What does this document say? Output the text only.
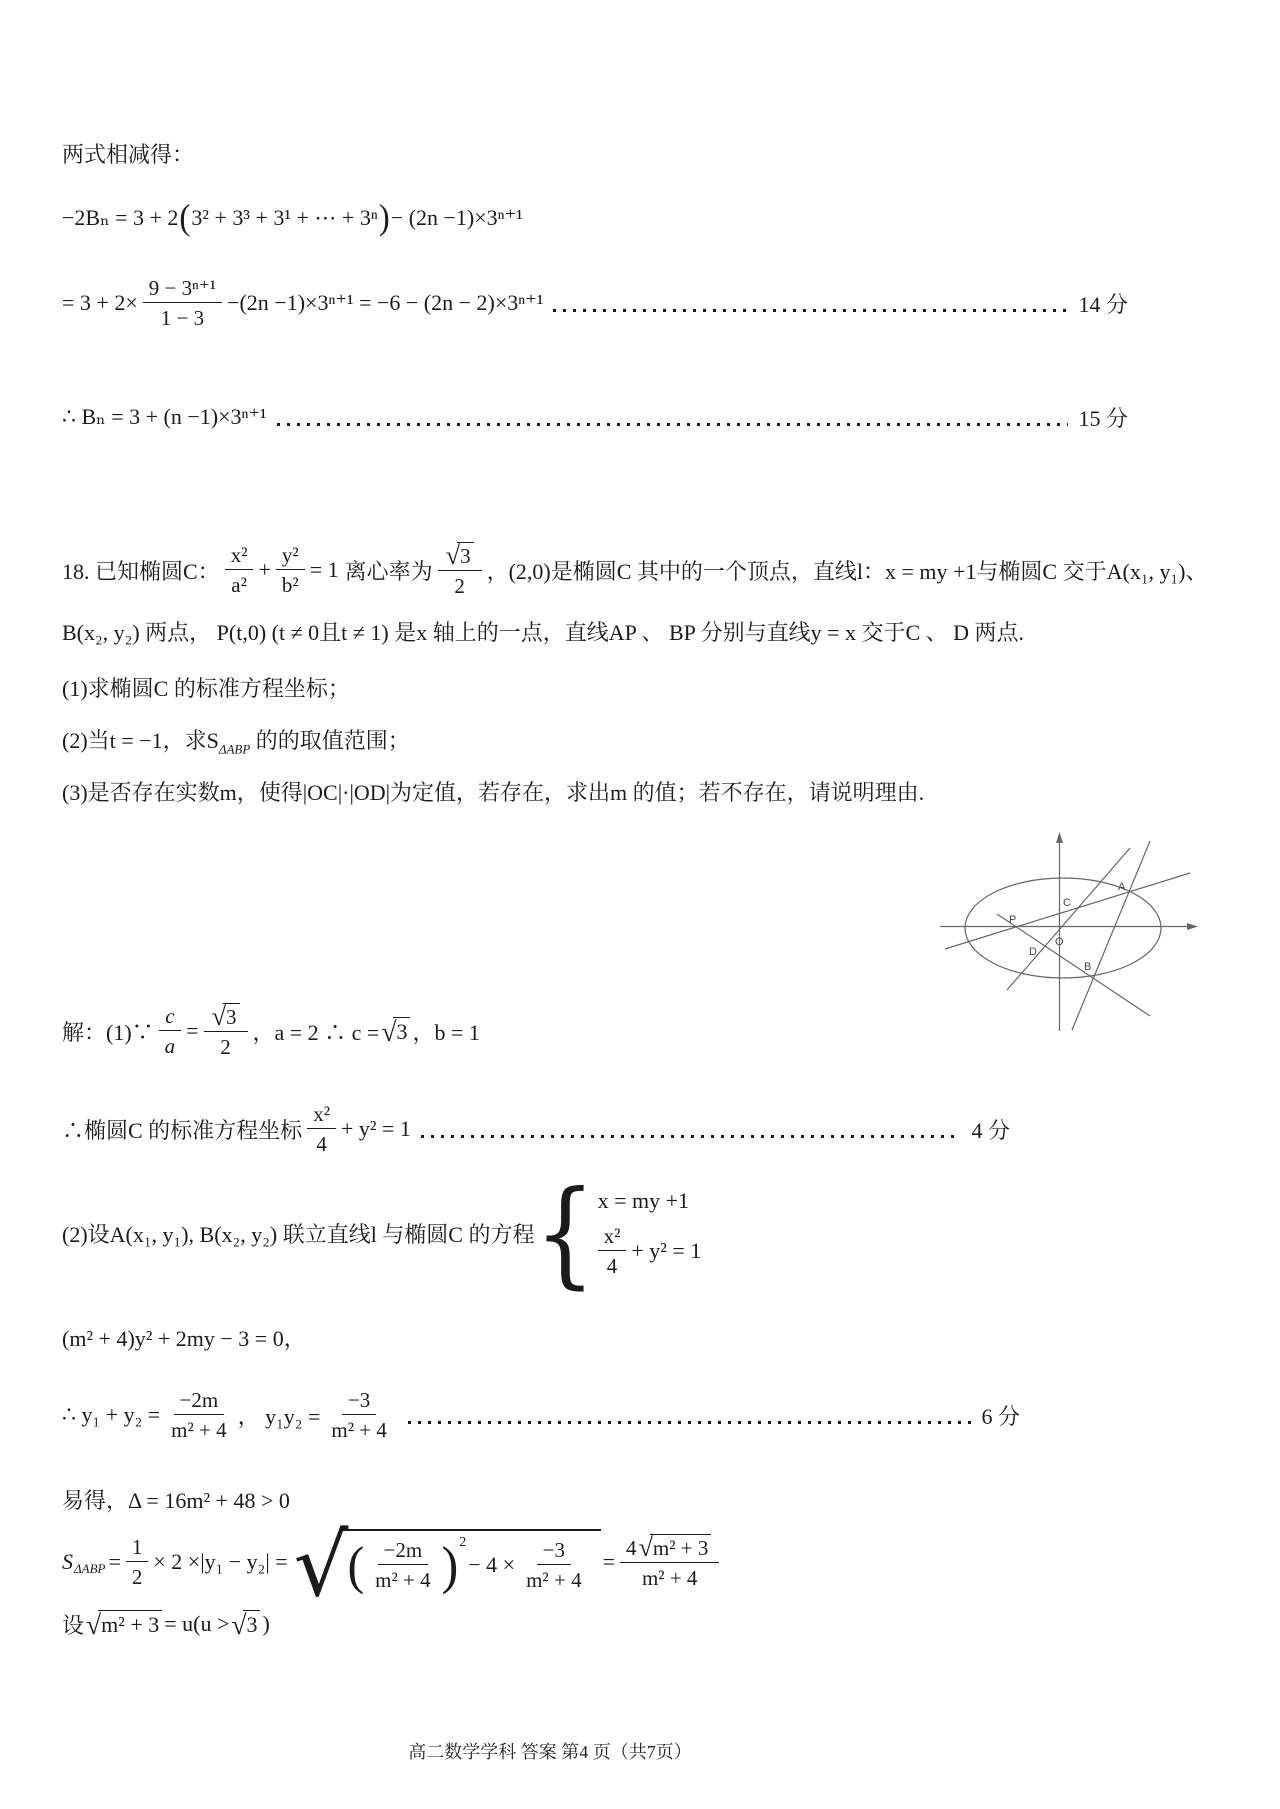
两式相减得：
−2Bₙ = 3 + 2 ( 3² + 3³ + 3¹ + ⋯ + 3ⁿ ) − (2n −1)×3ⁿ⁺¹
= $3 + 2\times \frac{\text{9 − 3ⁿ⁺¹}}{1 - 3} -(2n -1)\times 3^{n+1} = -6 - (2n - 2)\times 3^{n+1}$	14 分
∴ Bₙ = 3 + (n −1)×3ⁿ⁺¹	15 分
18. 已知椭圆C： $\frac{\text{x²}}{\text{a²}} + \frac{\text{y²}}{\text{b²}} = 1$ 离心率为 $\frac{√ 3}{2}$ ，(2,0)是椭圆C 其中的一个顶点，直线l：x = my +1与椭圆C 交于A(x₁, y₁)、
B(x₂, y₂) 两点， P(t,0) (t ≠ 0且t ≠ 1) 是x 轴上的一点，直线AP 、 BP 分别与直线y = x 交于C 、 D 两点.
(1)求椭圆C 的标准方程坐标；
(2)当t = −1，求$S_{\Delta ABP}$ 的的取值范围；
(3)是否存在实数m，使得|OC|·|OD|为定值，若存在，求出m 的值；若不存在，请说明理由.
A
B
C
O
D
P
解：(1)∵ $\frac{c}{a} = \frac{√ 3}{2}$ ，a = 2 ∴ c = √ 3 ，b = 1
∴椭圆C 的标准方程坐标 $\frac{\text{x²}}{4} + y^2 = 1$	4 分
(2)设A(x₁, y₁), B(x₂, y₂) 联立直线l 与椭圆C 的方程 { x = my +1
$\frac{\text{x²}}{4} + y^2 = 1$
(m² + 4)y² + 2my − 3 = 0，
∴ $y_1 + y_2 = \frac{-2m}{\text{m² + 4}}$ ， $y_1y_2 = \frac{-3}{\text{m² + 4}}$	6 分
易得，Δ = 16m² + 48 > 0
S $\Delta ABP = \frac{1}{2} \times 2 \times|y_1 - y_2|$ = √ ( $\frac{-2m}{\text{m² + 4}}$ ) 2
− $4 \times \frac{-3}{\text{m² + 4}} = \frac{\text{4 √ m² + 3}}{\text{m² + 4}}$
设 √ m² + 3 = u(u > √ 3 )
高二数学学科 答案 第4 页（共7页）
